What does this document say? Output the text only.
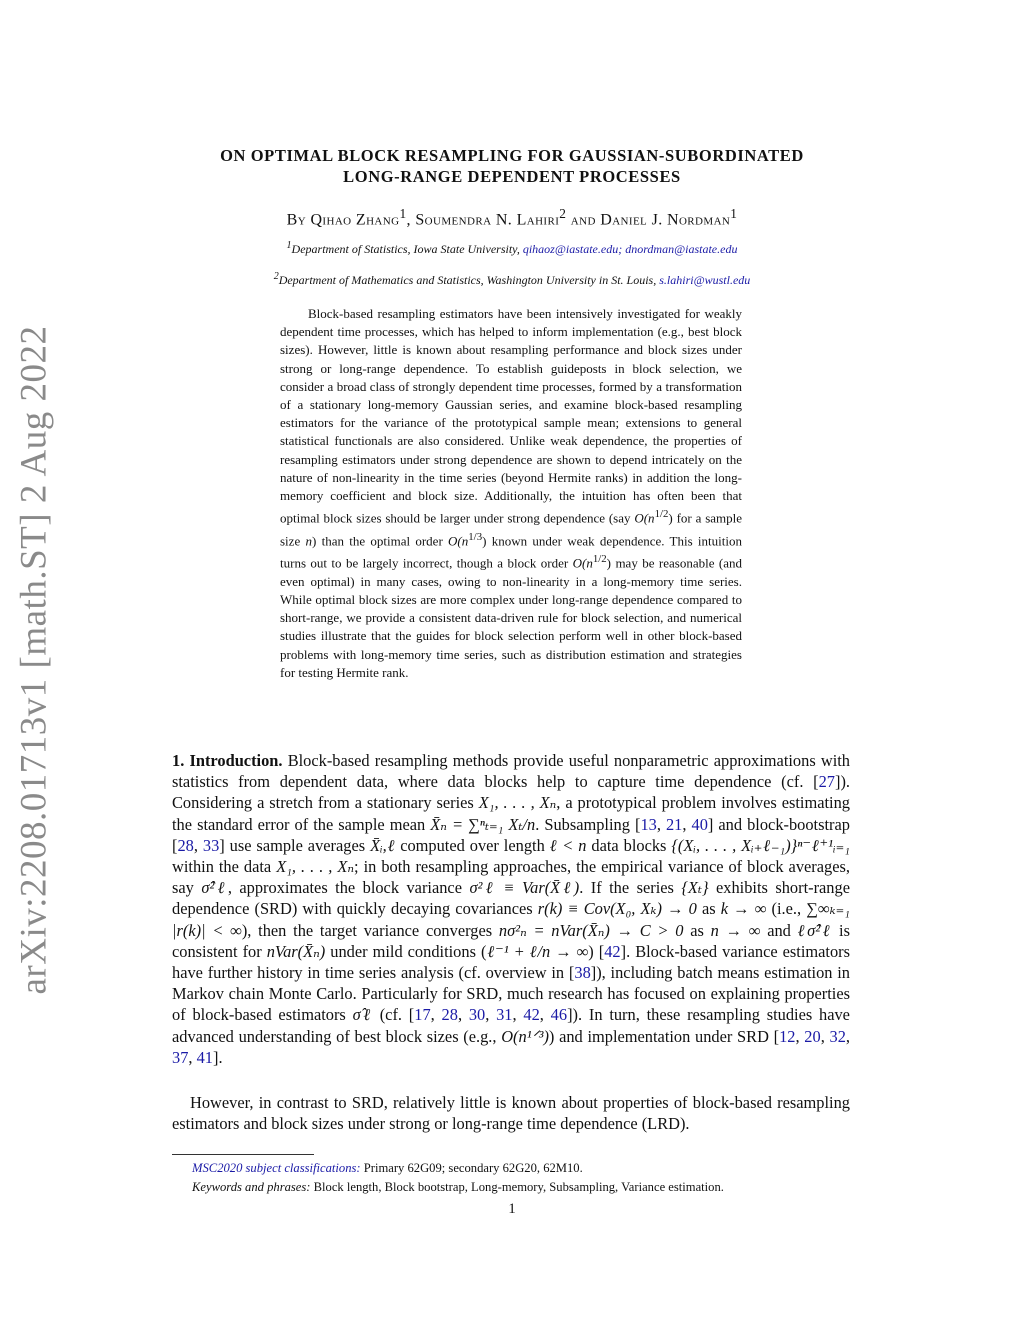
arXiv:2208.01713v1 [math.ST] 2 Aug 2022
ON OPTIMAL BLOCK RESAMPLING FOR GAUSSIAN-SUBORDINATED
LONG-RANGE DEPENDENT PROCESSES
By Qihao Zhang$^1$, Soumendra N. Lahiri$^2$ and Daniel J. Nordman$^1$
$^1$Department of Statistics, Iowa State University, qihaoz@iastate.edu; dnordman@iastate.edu
$^2$Department of Mathematics and Statistics, Washington University in St. Louis, s.lahiri@wustl.edu

Block-based resampling estimators have been intensively investigated for weakly dependent time processes, which has helped to inform implementation (e.g., best block sizes). However, little is known about resampling performance and block sizes under strong or long-range dependence. To establish guideposts in block selection, we consider a broad class of strongly dependent time processes, formed by a transformation of a stationary long-memory Gaussian series, and examine block-based resampling estimators for the variance of the prototypical sample mean; extensions to general statistical functionals are also considered. Unlike weak dependence, the properties of resampling estimators under strong dependence are shown to depend intricately on the nature of non-linearity in the time series (beyond Hermite ranks) in addition the long-memory coefficient and block size. Additionally, the intuition has often been that optimal block sizes should be larger under strong dependence (say $O(n^{1/2})$ for a sample size n) than the optimal order $O(n^{1/3})$ known under weak dependence. This intuition turns out to be largely incorrect, though a block order $O(n^{1/2})$ may be reasonable (and even optimal) in many cases, owing to non-linearity in a long-memory time series. While optimal block sizes are more complex under long-range dependence compared to short-range, we provide a consistent data-driven rule for block selection, and numerical studies illustrate that the guides for block selection perform well in other block-based problems with long-memory time series, such as distribution estimation and strategies for testing Hermite rank.

1. Introduction. Block-based resampling methods provide useful nonparametric approximations with statistics from dependent data, where data blocks help to capture time dependence (cf. [27]). Considering a stretch from a stationary series X₁, . . . , Xₙ, a prototypical problem involves estimating the standard error of the sample mean X̄ₙ = ∑ⁿₜ₌₁ Xₜ/n. Subsampling [13, 21, 40] and block-bootstrap [28, 33] use sample averages X̄ᵢ,ℓ computed over length ℓ < n data blocks {(Xᵢ, . . . , Xᵢ₊ℓ₋₁)}ⁿ⁻ℓ⁺¹ᵢ₌₁ within the data X₁, . . . , Xₙ; in both resampling approaches, the empirical variance of block averages, say σ̂²ℓ, approximates the block variance σ²ℓ ≡ Var(X̄ℓ). If the series {Xₜ} exhibits short-range dependence (SRD) with quickly decaying covariances r(k) ≡ Cov(X₀, Xₖ) → 0 as k → ∞ (i.e., ∑∞ₖ₌₁ |r(k)| < ∞), then the target variance converges nσ²ₙ = nVar(X̄ₙ) → C > 0 as n → ∞ and ℓσ̂²ℓ is consistent for nVar(X̄ₙ) under mild conditions (ℓ⁻¹ + ℓ/n → ∞) [42]. Block-based variance estimators have further history in time series analysis (cf. overview in [38]), including batch means estimation in Markov chain Monte Carlo. Particularly for SRD, much research has focused on explaining properties of block-based estimators σ̂ℓ (cf. [17, 28, 30, 31, 42, 46]). In turn, these resampling studies have advanced understanding of best block sizes (e.g., O(n¹ᐟ³)) and implementation under SRD [12, 20, 32, 37, 41].

However, in contrast to SRD, relatively little is known about properties of block-based resampling estimators and block sizes under strong or long-range time dependence (LRD).

MSC2020 subject classifications: Primary 62G09; secondary 62G20, 62M10.
Keywords and phrases: Block length, Block bootstrap, Long-memory, Subsampling, Variance estimation.
1
